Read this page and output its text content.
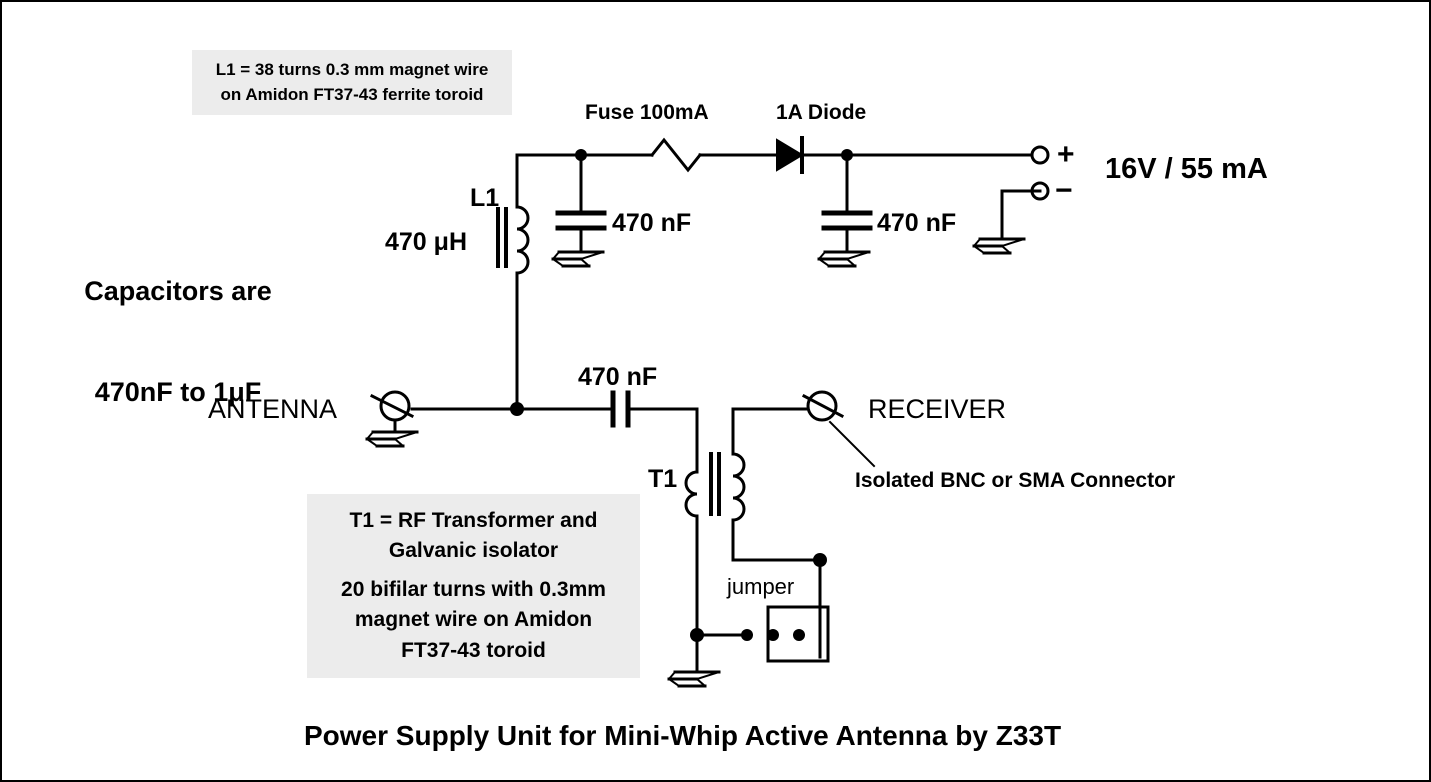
L1 = 38 turns 0.3 mm magnet wire
on Amidon FT37-43 ferrite toroid
Fuse 100mA	1A Diode
+
−
16V / 55 mA
L1
470 μH
470 nF	470 nF

Capacitors are

470nF to 1μF

ANTENNA	RECEIVER
470 nF
T1	Isolated BNC or SMA Connector
T1 = RF Transformer and
Galvanic isolator
20 bifilar turns with 0.3mm
magnet wire on Amidon
FT37-43 toroid
jumper
Power Supply Unit for Mini-Whip Active Antenna by Z33T
